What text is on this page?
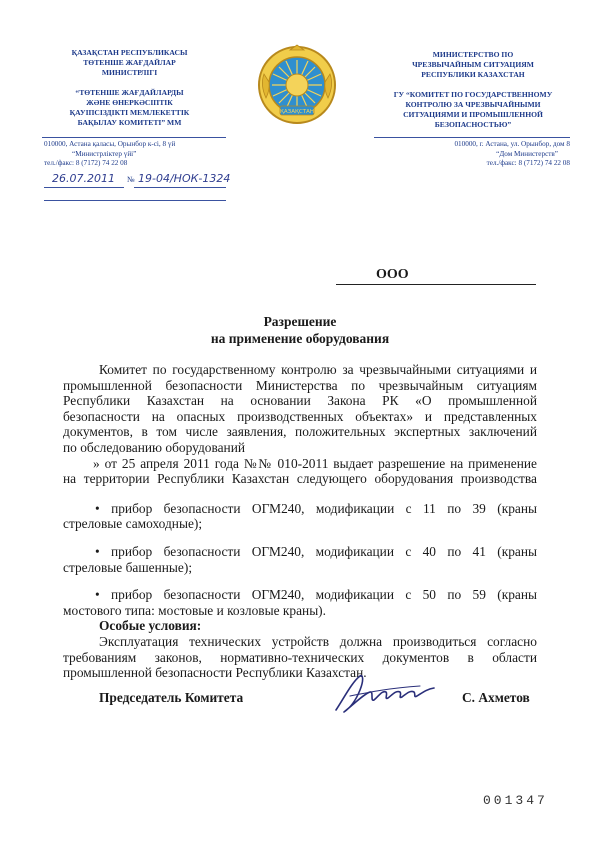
ҚАЗАҚСТАН РЕСПУБЛИКАСЫ
ТӨТЕНШЕ ЖАҒДАЙЛАР
МИНИСТРЛІГІ
“ТӨТЕНШЕ ЖАҒДАЙЛАРДЫ
ЖӘНЕ ӨНЕРКӘСІПТІК
ҚАУІПСІЗДІКТІ МЕМЛЕКЕТТІК
БАҚЫЛАУ КОМИТЕТІ” ММ
МИНИСТЕРСТВО ПО
ЧРЕЗВЫЧАЙНЫМ СИТУАЦИЯМ
РЕСПУБЛИКИ КАЗАХСТАН
ГУ “КОМИТЕТ ПО ГОСУДАРСТВЕННОМУ
КОНТРОЛЮ ЗА ЧРЕЗВЫЧАЙНЫМИ
СИТУАЦИЯМИ И ПРОМЫШЛЕННОЙ
БЕЗОПАСНОСТЬЮ”
ҚАЗАҚСТАН
010000, Астана қаласы, Орынбор к-сі, 8 үй
“Министрліктер үйі”
тел./факс: 8 (7172) 74 22 08
010000, г. Астана, ул. Орынбор, дом 8
“Дом Министерств”
тел./факс: 8 (7172) 74 22 08
26.07.2011 № 19-04/НОК-1324
ООО
Разрешение
на применение оборудования
Комитет по государственному контролю за чрезвычайными ситуациями и
промышленной безопасности Министерства по чрезвычайным ситуациям
Республики Казахстан на основании Закона РК «О промышленной
безопасности на опасных производственных объектах» и представленных
документов, в том числе заявления, положительных экспертных заключений
по обследованию оборудований
» от 25 апреля 2011 года №№ 010-2011 выдает разрешение на применение
на территории Республики Казахстан следующего оборудования производства
• прибор безопасности ОГМ240, модификации с 11 по 39 (краны
стреловые самоходные);
• прибор безопасности ОГМ240, модификации с 40 по 41 (краны
стреловые башенные);
• прибор безопасности ОГМ240, модификации с 50 по 59 (краны
мостового типа: мостовые и козловые краны).
Особые условия:
Эксплуатация технических устройств должна производиться согласно
требованиям законов, нормативно-технических документов в области
промышленной безопасности Республики Казахстан.
Председатель Комитета	С. Ахметов
001347
